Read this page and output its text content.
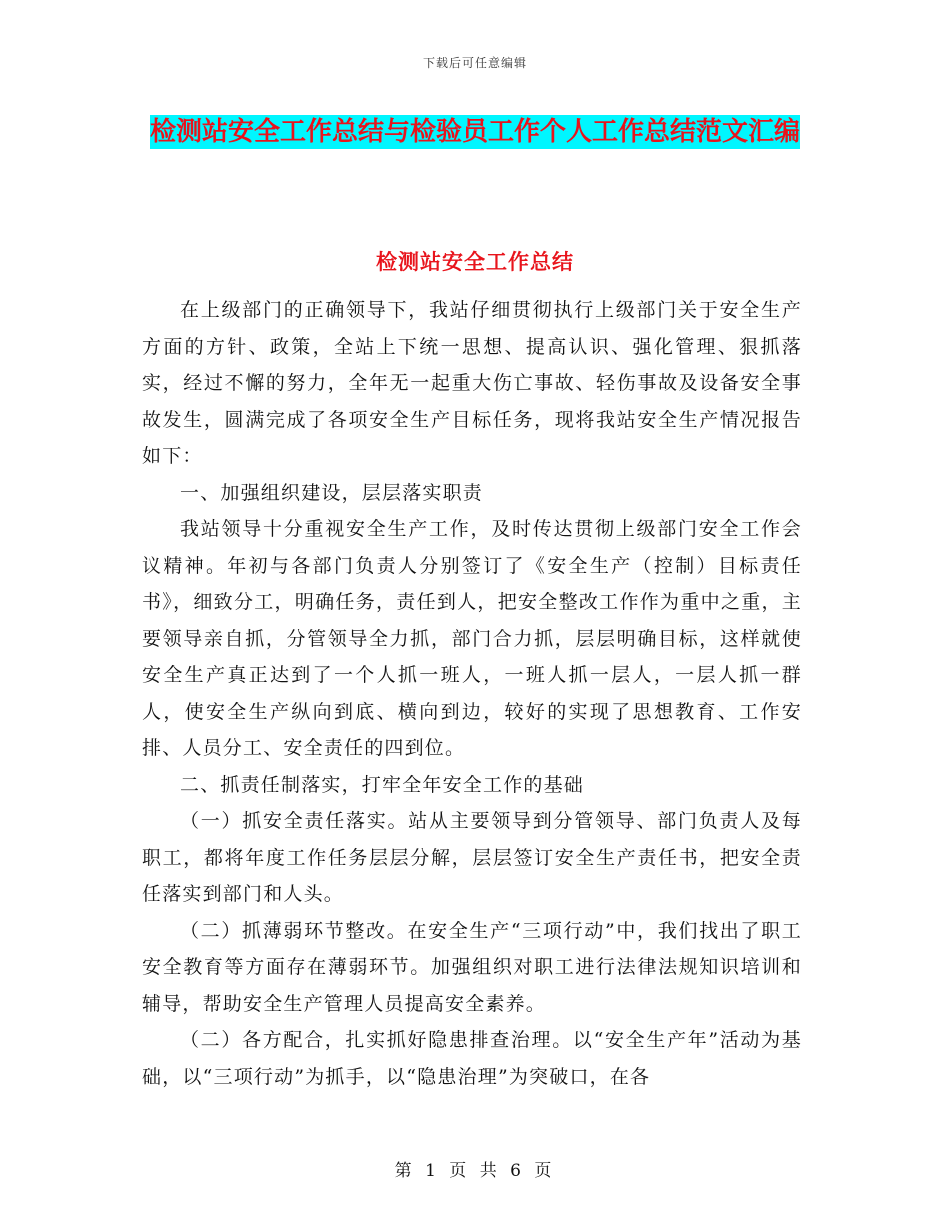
下载后可任意编辑
检测站安全工作总结与检验员工作个人工作总结范文汇编
检测站安全工作总结

在上级部门的正确领导下，我站仔细贯彻执行上级部门关于安全生产方面的方针、政策，全站上下统一思想、提高认识、强化管理、狠抓落实，经过不懈的努力，全年无一起重大伤亡事故、轻伤事故及设备安全事故发生，圆满完成了各项安全生产目标任务，现将我站安全生产情况报告如下：

一、加强组织建设，层层落实职责

我站领导十分重视安全生产工作，及时传达贯彻上级部门安全工作会议精神。年初与各部门负责人分别签订了《安全生产（控制）目标责任书》，细致分工，明确任务，责任到人，把安全整改工作作为重中之重，主要领导亲自抓，分管领导全力抓，部门合力抓，层层明确目标，这样就使安全生产真正达到了一个人抓一班人，一班人抓一层人，一层人抓一群人，使安全生产纵向到底、横向到边，较好的实现了思想教育、工作安排、人员分工、安全责任的四到位。

二、抓责任制落实，打牢全年安全工作的基础

（一）抓安全责任落实。站从主要领导到分管领导、部门负责人及每职工，都将年度工作任务层层分解，层层签订安全生产责任书，把安全责任落实到部门和人头。

（二）抓薄弱环节整改。在安全生产“三项行动”中，我们找出了职工安全教育等方面存在薄弱环节。加强组织对职工进行法律法规知识培训和辅导，帮助安全生产管理人员提高安全素养。

（二）各方配合，扎实抓好隐患排查治理。以“安全生产年”活动为基础，以“三项行动”为抓手，以“隐患治理”为突破口，在各

第 1 页 共 6 页
